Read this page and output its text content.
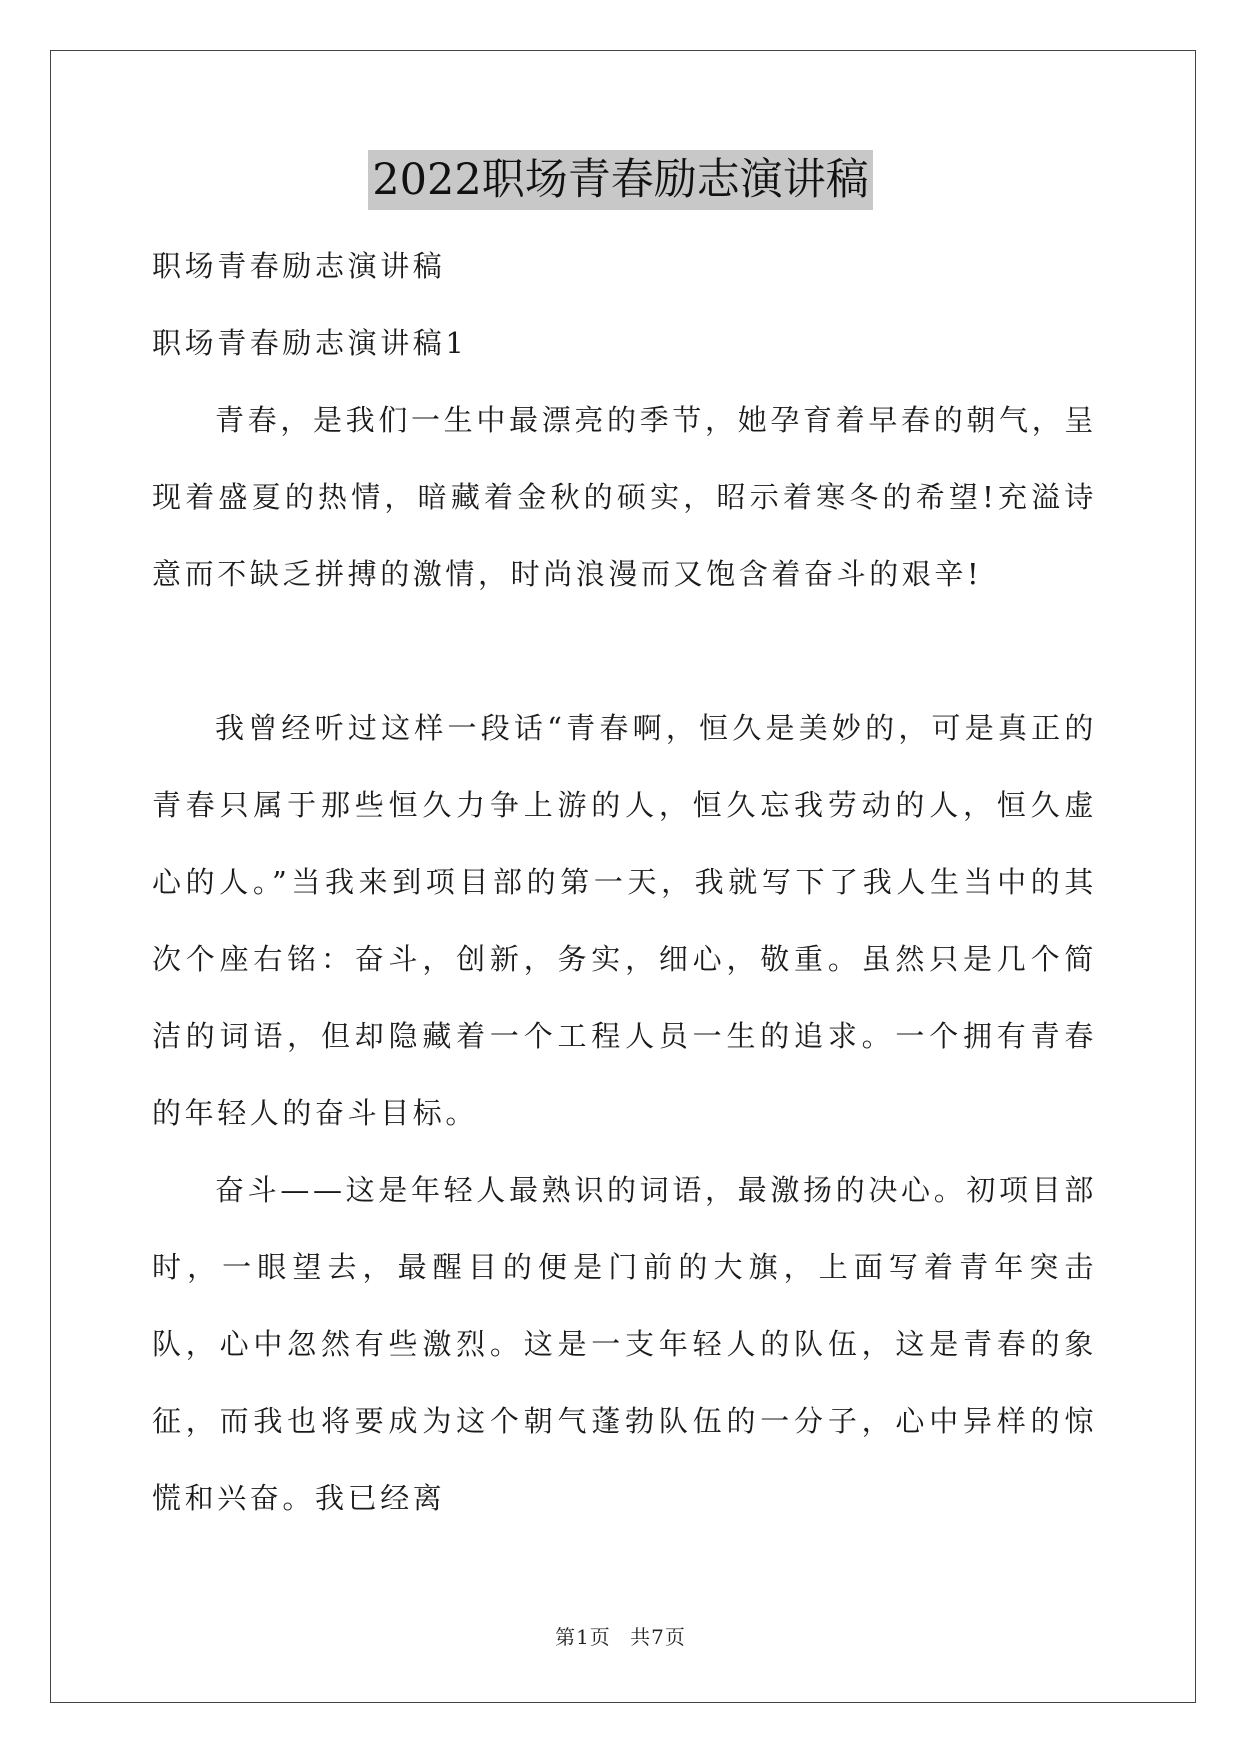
2022职场青春励志演讲稿

职场青春励志演讲稿

职场青春励志演讲稿1

青春，是我们一生中最漂亮的季节，她孕育着早春的朝气，呈现着盛夏的热情，暗藏着金秋的硕实，昭示着寒冬的希望!充溢诗意而不缺乏拼搏的激情，时尚浪漫而又饱含着奋斗的艰辛!

我曾经听过这样一段话“青春啊，恒久是美妙的，可是真正的青春只属于那些恒久力争上游的人，恒久忘我劳动的人，恒久虚心的人。”当我来到项目部的第一天，我就写下了我人生当中的其次个座右铭：奋斗，创新，务实，细心，敬重。虽然只是几个简洁的词语，但却隐藏着一个工程人员一生的追求。一个拥有青春的年轻人的奋斗目标。

奋斗——这是年轻人最熟识的词语，最激扬的决心。初项目部时，一眼望去，最醒目的便是门前的大旗，上面写着青年突击队，心中忽然有些激烈。这是一支年轻人的队伍，这是青春的象征，而我也将要成为这个朝气蓬勃队伍的一分子，心中异样的惊慌和兴奋。我已经离

第1页 共7页
